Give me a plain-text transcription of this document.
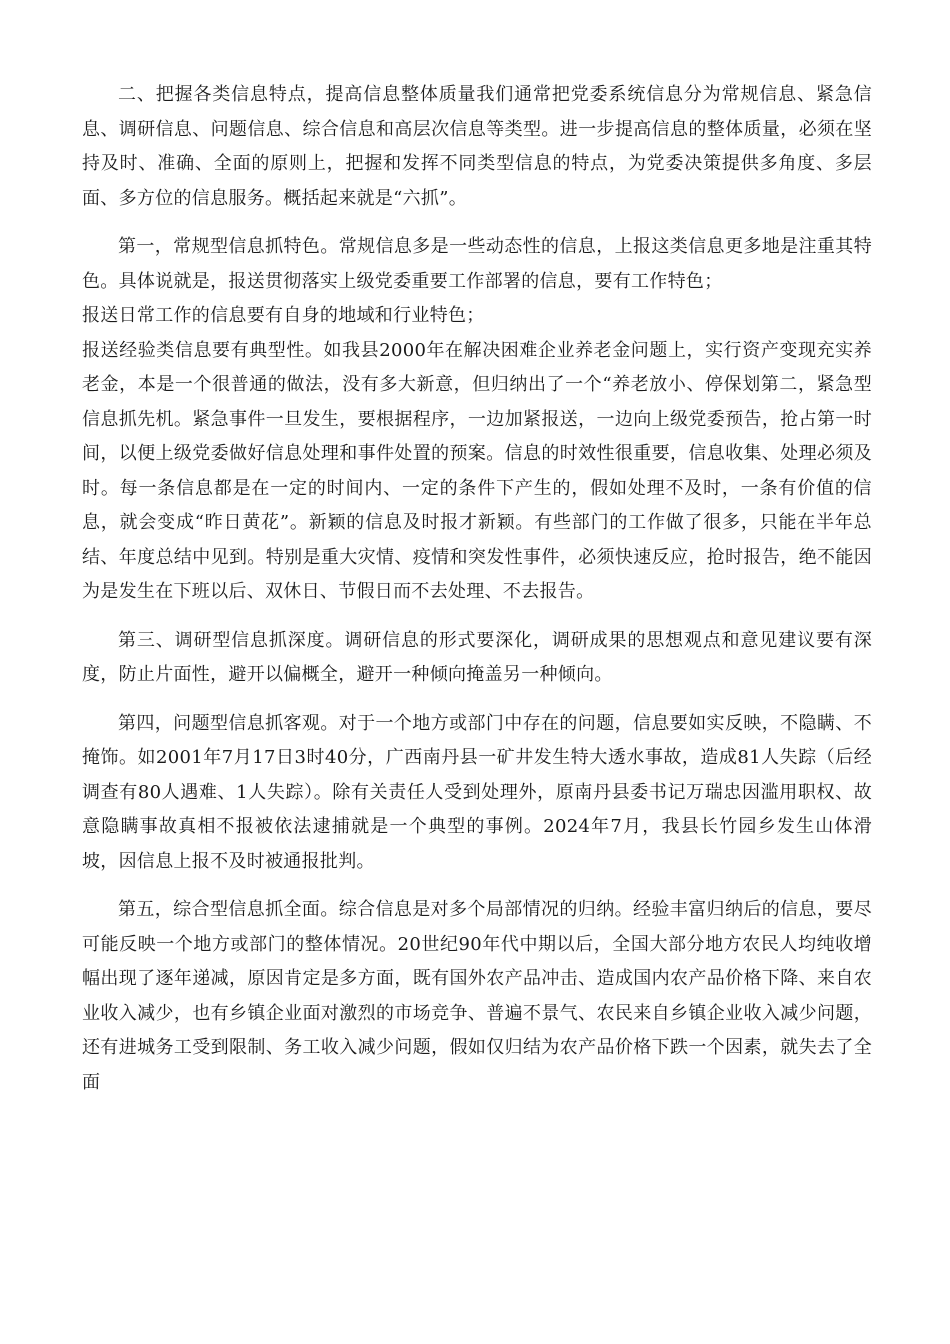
二、把握各类信息特点，提高信息整体质量我们通常把党委系统信息分为常规信息、紧急信息、调研信息、问题信息、综合信息和高层次信息等类型。进一步提高信息的整体质量，必须在坚持及时、准确、全面的原则上，把握和发挥不同类型信息的特点，为党委决策提供多角度、多层面、多方位的信息服务。概括起来就是“六抓”。

第一，常规型信息抓特色。常规信息多是一些动态性的信息，上报这类信息更多地是注重其特色。具体说就是，报送贯彻落实上级党委重要工作部署的信息，要有工作特色；

报送日常工作的信息要有自身的地域和行业特色；

报送经验类信息要有典型性。如我县2000年在解决困难企业养老金问题上，实行资产变现充实养老金，本是一个很普通的做法，没有多大新意，但归纳出了一个“养老放小、停保划第二，紧急型信息抓先机。紧急事件一旦发生，要根据程序，一边加紧报送，一边向上级党委预告，抢占第一时间，以便上级党委做好信息处理和事件处置的预案。信息的时效性很重要，信息收集、处理必须及时。每一条信息都是在一定的时间内、一定的条件下产生的，假如处理不及时，一条有价值的信息，就会变成“昨日黄花”。新颖的信息及时报才新颖。有些部门的工作做了很多，只能在半年总结、年度总结中见到。特别是重大灾情、疫情和突发性事件，必须快速反应，抢时报告，绝不能因为是发生在下班以后、双休日、节假日而不去处理、不去报告。

第三、调研型信息抓深度。调研信息的形式要深化，调研成果的思想观点和意见建议要有深度，防止片面性，避开以偏概全，避开一种倾向掩盖另一种倾向。

第四，问题型信息抓客观。对于一个地方或部门中存在的问题，信息要如实反映，不隐瞒、不掩饰。如2001年7月17日3时40分，广西南丹县一矿井发生特大透水事故，造成81人失踪（后经调查有80人遇难、1人失踪）。除有关责任人受到处理外，原南丹县委书记万瑞忠因滥用职权、故意隐瞒事故真相不报被依法逮捕就是一个典型的事例。2024年7月，我县长竹园乡发生山体滑坡，因信息上报不及时被通报批判。

第五，综合型信息抓全面。综合信息是对多个局部情况的归纳。经验丰富归纳后的信息，要尽可能反映一个地方或部门的整体情况。20世纪90年代中期以后，全国大部分地方农民人均纯收增幅出现了逐年递减，原因肯定是多方面，既有国外农产品冲击、造成国内农产品价格下降、来自农业收入减少，也有乡镇企业面对激烈的市场竞争、普遍不景气、农民来自乡镇企业收入减少问题，还有进城务工受到限制、务工收入减少问题，假如仅归结为农产品价格下跌一个因素，就失去了全面
